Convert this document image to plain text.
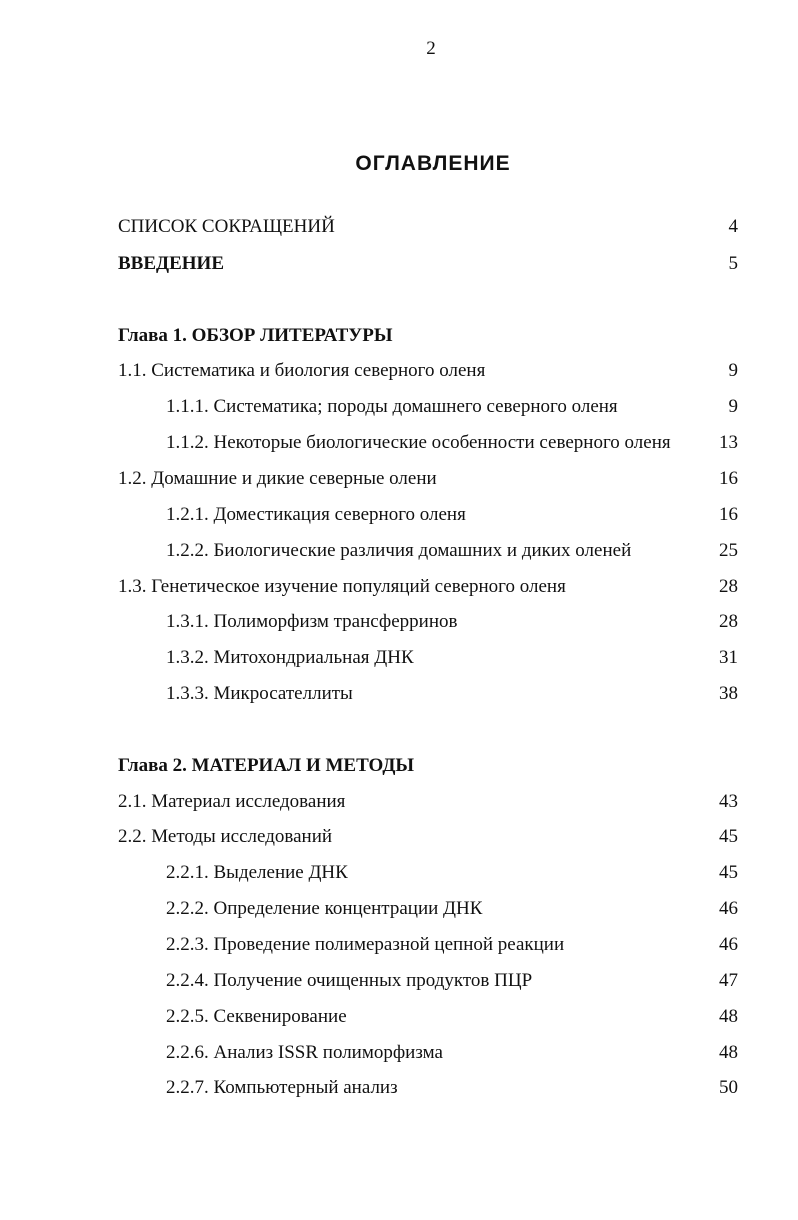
2
ОГЛАВЛЕНИЕ
СПИСОК СОКРАЩЕНИЙ	4
ВВЕДЕНИЕ	5
Глава 1. ОБЗОР ЛИТЕРАТУРЫ
1.1. Систематика и биология северного оленя	9
1.1.1. Систематика; породы домашнего северного оленя	9
1.1.2. Некоторые биологические особенности северного оленя	13
1.2. Домашние и дикие северные олени	16
1.2.1. Доместикация северного оленя	16
1.2.2. Биологические различия домашних и диких оленей	25
1.3. Генетическое изучение популяций северного оленя	28
1.3.1. Полиморфизм трансферринов	28
1.3.2. Митохондриальная ДНК	31
1.3.3. Микросателлиты	38
Глава 2. МАТЕРИАЛ И МЕТОДЫ
2.1. Материал исследования	43
2.2. Методы исследований	45
2.2.1. Выделение ДНК	45
2.2.2. Определение концентрации ДНК	46
2.2.3. Проведение полимеразной цепной реакции	46
2.2.4. Получение очищенных продуктов ПЦР	47
2.2.5. Секвенирование	48
2.2.6. Анализ ISSR полиморфизма	48
2.2.7. Компьютерный анализ	50
